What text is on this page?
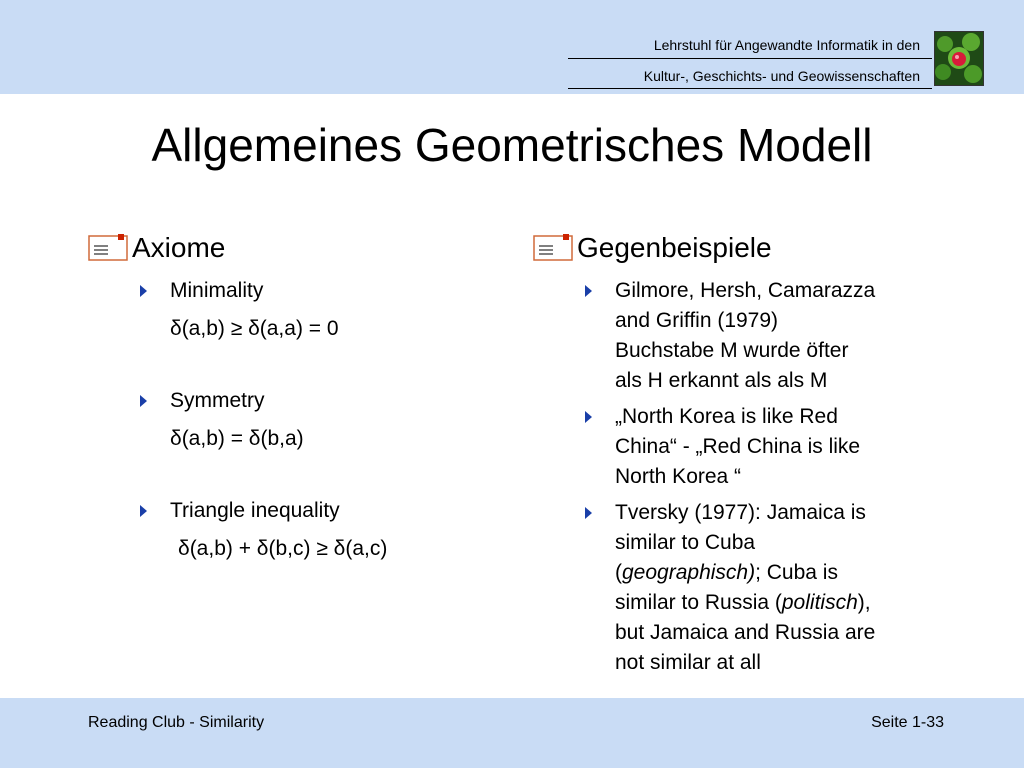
Lehrstuhl für Angewandte Informatik in den
Kultur-, Geschichts- und Geowissenschaften
Allgemeines Geometrisches Modell
Axiome
Minimality
δ(a,b) ≥ δ(a,a) = 0
Symmetry
δ(a,b) = δ(b,a)
Triangle inequality
δ(a,b) + δ(b,c) ≥ δ(a,c)
Gegenbeispiele
Gilmore, Hersh, Camarazza
and Griffin (1979)
Buchstabe M wurde öfter
als H erkannt als als M
„North Korea is like Red
China“ - „Red China is like
North Korea “
Tversky (1977): Jamaica is
similar to Cuba
(geographisch); Cuba is
similar to Russia (politisch),
but Jamaica and Russia are
not similar at all
Reading Club - Similarity	Seite 1-33
